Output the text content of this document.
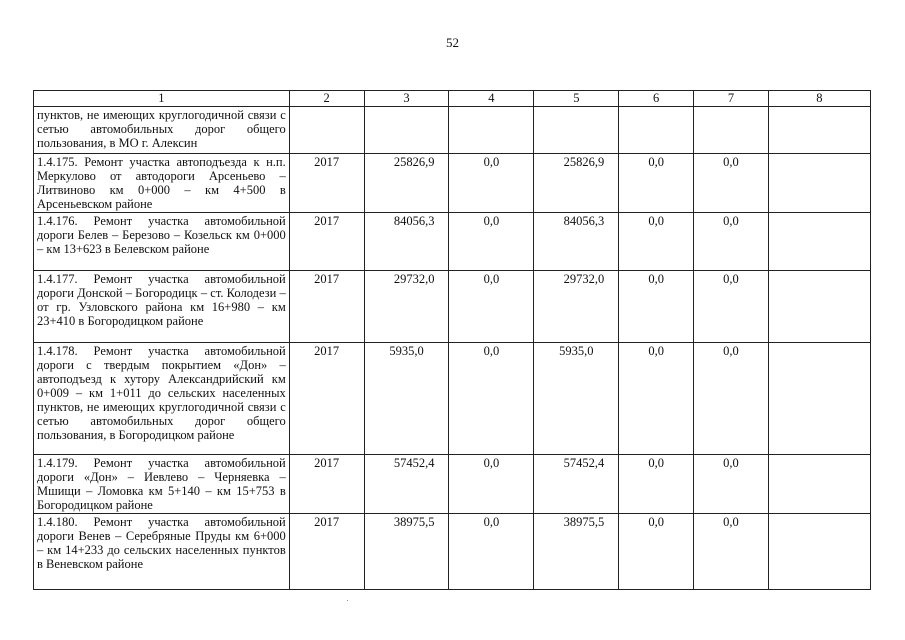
52
1	2	3	4	5	6	7	8
пунктов, не имеющих круглогодичной связи с сетью автомобильных дорог общего пользования, в МО г. Алексин							
1.4.175. Ремонт участка автоподъезда к н.п. Меркулово от автодороги Арсеньево – Литвиново км 0+000 – км 4+500 в Арсеньевском районе	2017	25826,9	0,0	25826,9	0,0	0,0	
1.4.176. Ремонт участка автомобильной дороги Белев – Березово – Козельск км 0+000 – км 13+623 в Белевском районе	2017	84056,3	0,0	84056,3	0,0	0,0	
1.4.177. Ремонт участка автомобильной дороги Донской – Богородицк – ст. Колодези – от гр. Узловского района км 16+980 – км 23+410 в Богородицком районе	2017	29732,0	0,0	29732,0	0,0	0,0	
1.4.178. Ремонт участка автомобильной дороги с твердым покрытием «Дон» – автоподъезд к хутору Александрийский км 0+009 – км 1+011 до сельских населенных пунктов, не имеющих круглогодичной связи с сетью автомобильных дорог общего пользования, в Богородицком районе	2017	5935,0	0,0	5935,0	0,0	0,0	
1.4.179. Ремонт участка автомобильной дороги «Дон» – Иевлево – Черняевка – Мшищи – Ломовка км 5+140 – км 15+753 в Богородицком районе	2017	57452,4	0,0	57452,4	0,0	0,0	
1.4.180. Ремонт участка автомобильной дороги Венев – Серебряные Пруды км 6+000 – км 14+233 до сельских населенных пунктов в Веневском районе	2017	38975,5	0,0	38975,5	0,0	0,0	
